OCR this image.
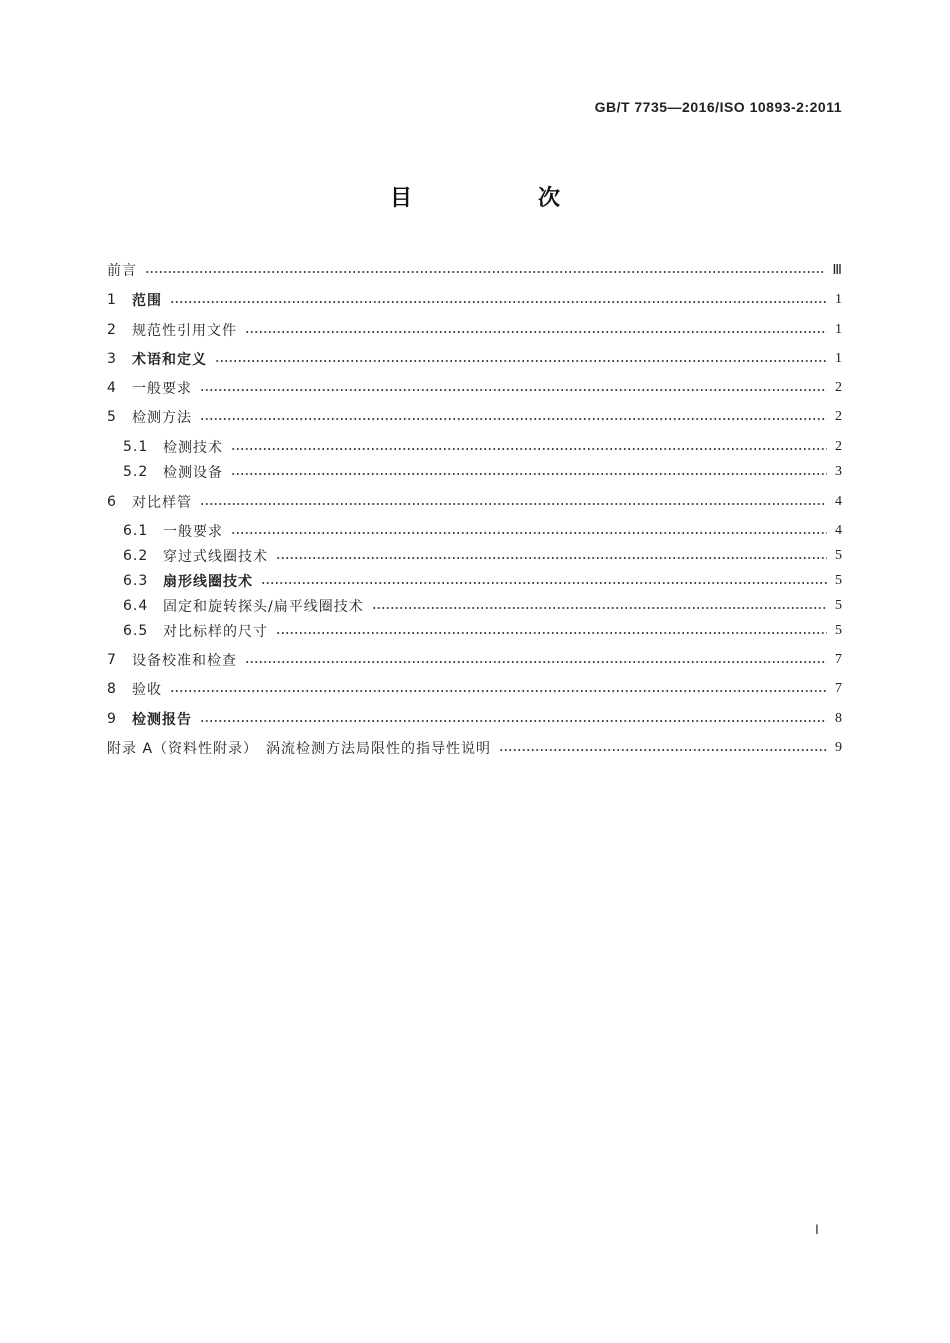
GB/T 7735—2016/ISO 10893-2:2011
目　次
前言	Ⅲ
1	范围	1
2	规范性引用文件	1
3	术语和定义	1
4	一般要求	2
5	检测方法	2
5.1	检测技术	2
5.2	检测设备	3
6	对比样管	4
6.1	一般要求	4
6.2	穿过式线圈技术	5
6.3	扇形线圈技术	5
6.4	固定和旋转探头/扁平线圈技术	5
6.5	对比标样的尺寸	5
7	设备校准和检查	7
8	验收	7
9	检测报告	8
附录 A（资料性附录）　涡流检测方法局限性的指导性说明	9
Ⅰ
